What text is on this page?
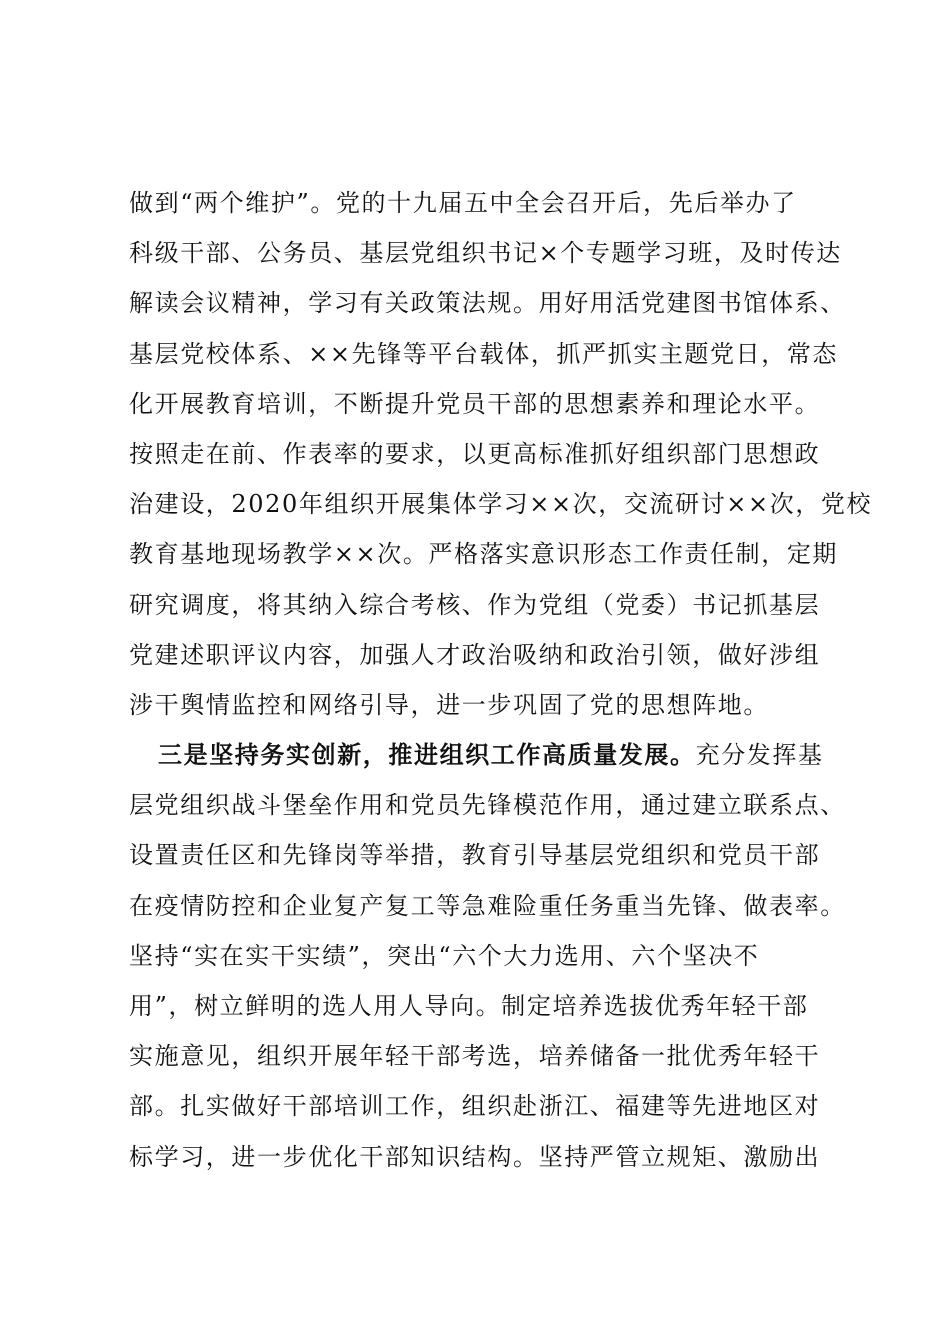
做到“两个维护”。党的十九届五中全会召开后，先后举办了
科级干部、公务员、基层党组织书记×个专题学习班，及时传达
解读会议精神，学习有关政策法规。用好用活党建图书馆体系、
基层党校体系、××先锋等平台载体，抓严抓实主题党日，常态
化开展教育培训，不断提升党员干部的思想素养和理论水平。
按照走在前、作表率的要求，以更高标准抓好组织部门思想政
治建设，2020年组织开展集体学习××次，交流研讨××次，党校
教育基地现场教学××次。严格落实意识形态工作责任制，定期
研究调度，将其纳入综合考核、作为党组（党委）书记抓基层
党建述职评议内容，加强人才政治吸纳和政治引领，做好涉组
涉干舆情监控和网络引导，进一步巩固了党的思想阵地。
三是坚持务实创新，推进组织工作高质量发展。充分发挥基
层党组织战斗堡垒作用和党员先锋模范作用，通过建立联系点、
设置责任区和先锋岗等举措，教育引导基层党组织和党员干部
在疫情防控和企业复产复工等急难险重任务重当先锋、做表率。
坚持“实在实干实绩”，突出“六个大力选用、六个坚决不
用”，树立鲜明的选人用人导向。制定培养选拔优秀年轻干部
实施意见，组织开展年轻干部考选，培养储备一批优秀年轻干
部。扎实做好干部培训工作，组织赴浙江、福建等先进地区对
标学习，进一步优化干部知识结构。坚持严管立规矩、激励出
